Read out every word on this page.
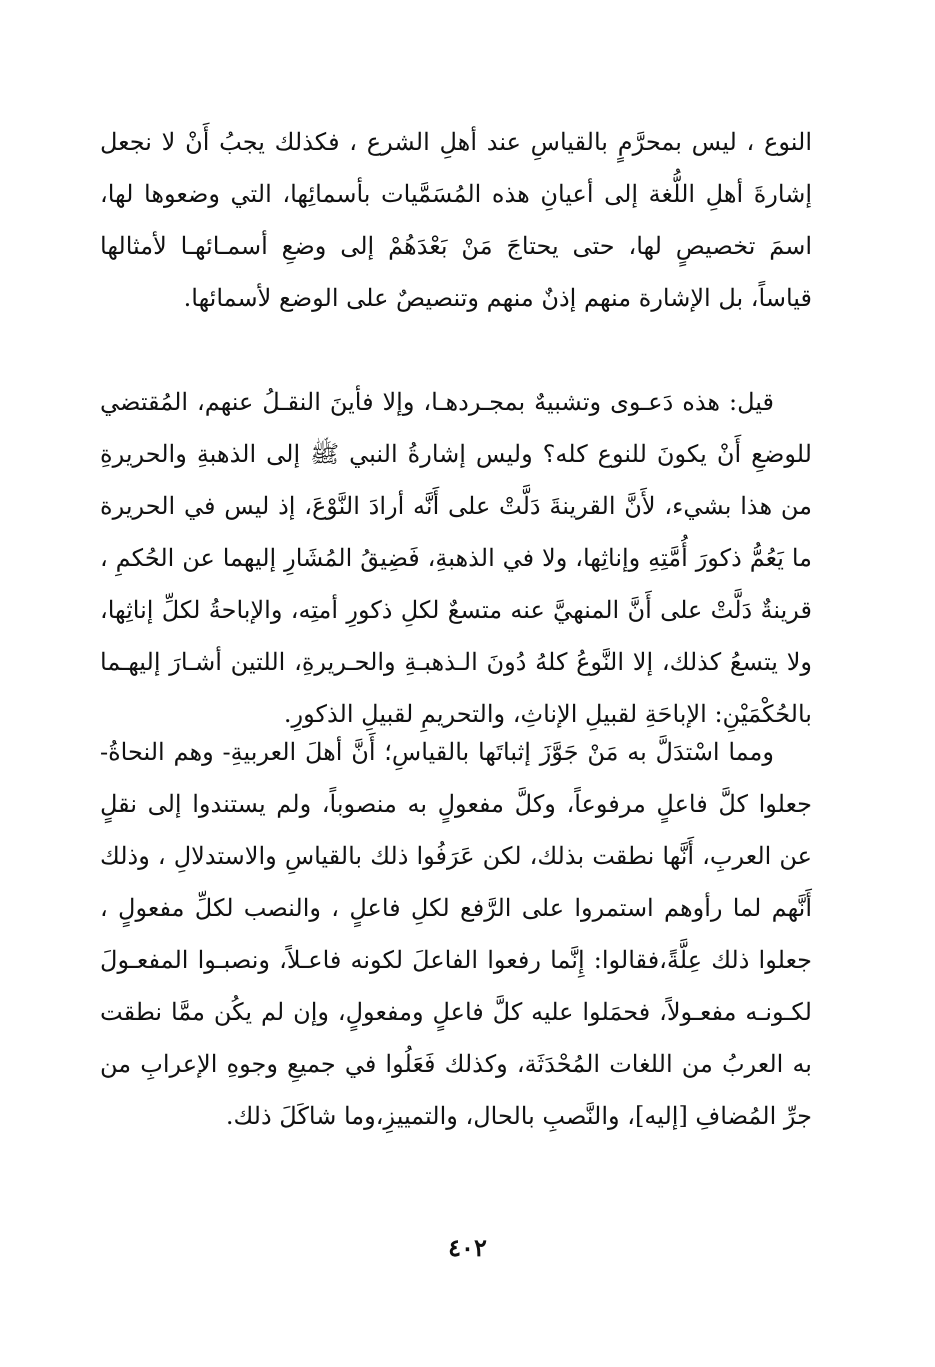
النوع ، ليس بمحرَّمٍ بالقياسِ عند أهلِ الشرع ، فكذلك يجبُ أَنْ لا نجعل إشارةَ أهلِ اللُّغة إلى أعيانِ هذه المُسَمَّيات بأسمائِها، التي وضعوها لها، اسمَ تخصيصٍ لها، حتى يحتاجَ مَنْ بَعْدَهُمْ إلى وضعِ أسمـائهـا لأمثالها قياساً، بل الإشارة منهم إذنٌ منهم وتنصيصٌ على الوضع لأسمائها.

قيل: هذه دَعـوى وتشبيهٌ بمجـردهـا، وإلا فأينَ النقـلُ عنهم، المُقتضي للوضعِ أَنْ يكونَ للنوع كله؟ وليس إشارةُ النبي ﷺ إلى الذهبةِ والحريرةِ من هذا بشيء، لأَنَّ القرينةَ دَلَّتْ على أَنَّه أرادَ النَّوْعَ، إذ ليس في الحريرة ما يَعُمُّ ذكورَ أُمَّتِهِ وإناثِها، ولا في الذهبةِ، فَضِيقُ المُشَارِ إليهما عن الحُكمِ ، قرينةٌ دَلَّتْ على أَنَّ المنهيَّ عنه متسعٌ لكلِ ذكورِ أمتِه، والإباحةُ لكلِّ إناثِها، ولا يتسعُ كذلك، إلا النَّوعُ كلهُ دُونَ الـذهبـةِ والحـريرةِ، اللتين أشـارَ إليهـما بالحُكْمَيْنِ: الإباحَةِ لقبيلِ الإناثِ، والتحريمِ لقبيلِ الذكورِ.

ومما اسْتدَلَّ به مَنْ جَوَّزَ إثباتَها بالقياسِ؛ أَنَّ أهلَ العربيةِ- وهم النحاةُ- جعلوا كلَّ فاعلٍ مرفوعاً، وكلَّ مفعولٍ به منصوباً، ولم يستندوا إلى نقلٍ عن العربِ، أَنَّها نطقت بذلك، لكن عَرَفُوا ذلك بالقياسِ والاستدلالِ ، وذلك أَنَّهم لما رأوهم استمروا على الرَّفع لكلِ فاعلٍ ، والنصب لكلِّ مفعولٍ ، جعلوا ذلك عِلَّةً،فقالوا: إِنَّما رفعوا الفاعلَ لكونه فاعـلاً، ونصبـوا المفعـولَ لكـونـه مفعـولاً، فحمَلوا عليه كلَّ فاعلٍ ومفعولٍ، وإن لم يكُن ممَّا نطقت به العربُ من اللغات المُحْدَثَة، وكذلك فَعَلُوا في جميعِ وجوهِ الإعرابِ من جرِّ المُضافِ [إليه]، والنَّصبِ بالحال، والتمييزِ،وما شاكَلَ ذلك.

٤٠٢
